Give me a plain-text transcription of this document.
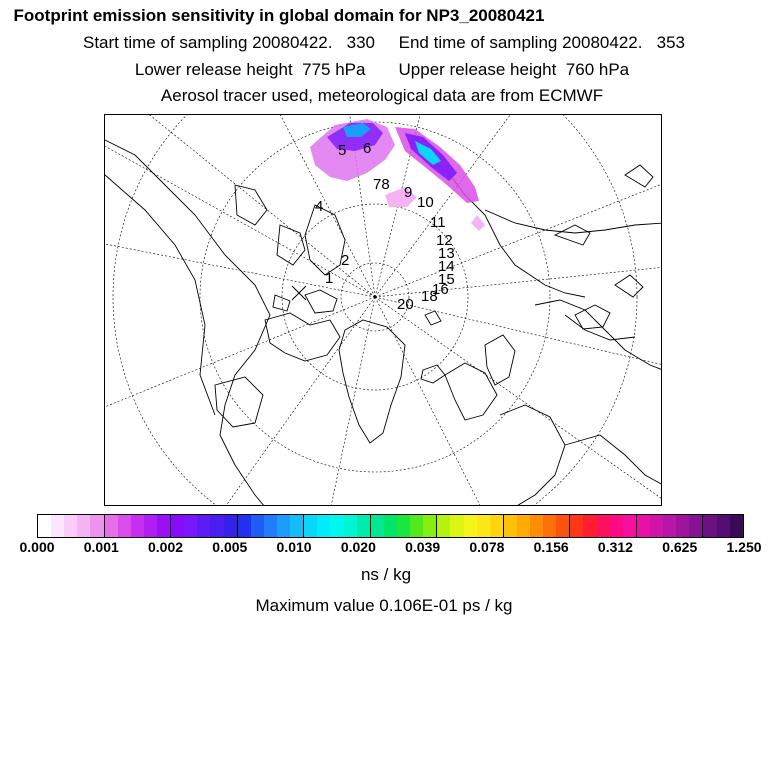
Footprint emission sensitivity in global domain for NP3_20080421
Start time of sampling 20080422.   330     End time of sampling 20080422.   353
Lower release height  775 hPa       Upper release height  760 hPa
Aerosol tracer used, meteorological data are from ECMWF
1
2
4
5 6
78 9
10
11
12
13
14
15
16
18
20
0.000 0.001 0.002 0.005 0.010 0.020 0.039 0.078 0.156 0.312 0.625 1.250
ns / kg
Maximum value 0.106E-01 ps / kg
